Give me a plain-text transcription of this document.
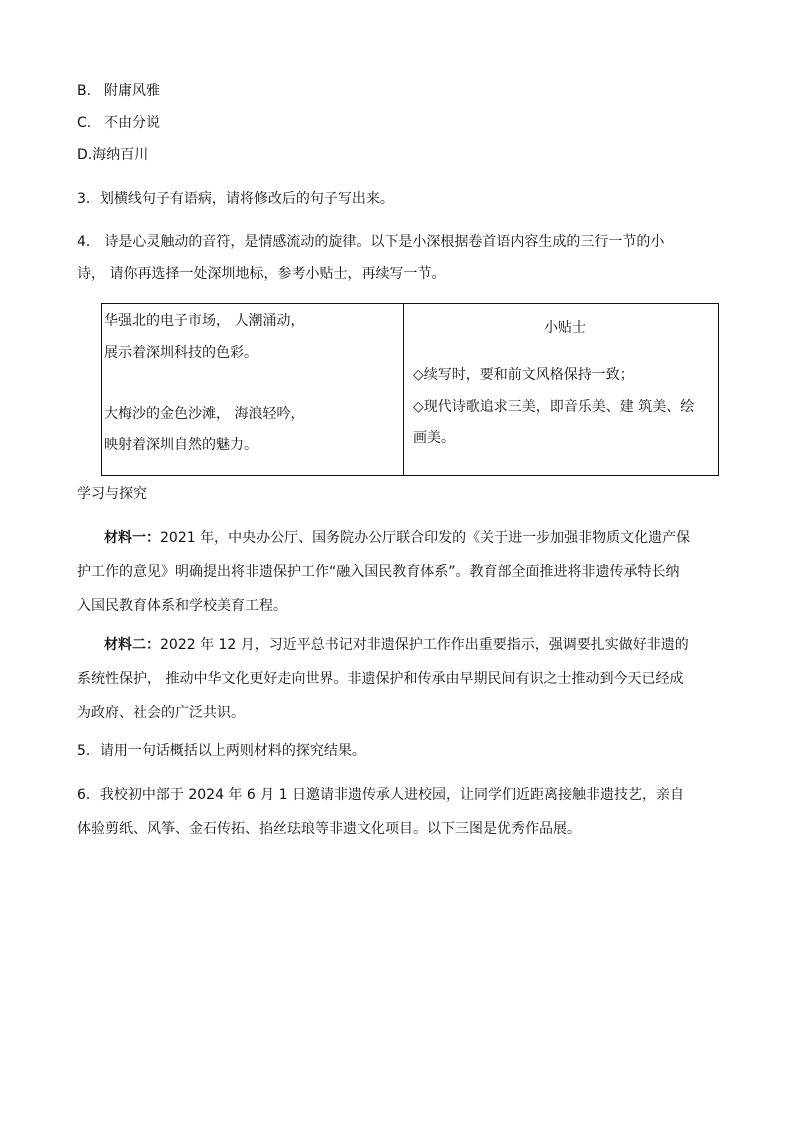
B. 附庸风雅
C. 不由分说
D.海纳百川
3．划横线句子有语病，请将修改后的句子写出来。
4． 诗是心灵触动的音符，是情感流动的旋律。以下是小深根据卷首语内容生成的三行一节的小
诗， 请你再选择一处深圳地标，参考小贴士，再续写一节。

华强北的电子市场， 人潮涌动，
展示着深圳科技的色彩。
大梅沙的金色沙滩， 海浪轻吟，
映射着深圳自然的魅力。
小贴士
◇续写时，要和前文风格保持一致；
◇现代诗歌追求三美，即音乐美、建 筑美、绘
画美。
学习与探究
材料一：2021 年，中央办公厅、国务院办公厅联合印发的《关于进一步加强非物质文化遗产保
护工作的意见》明确提出将非遗保护工作“融入国民教育体系”。教育部全面推进将非遗传承特长纳
入国民教育体系和学校美育工程。
材料二：2022 年 12 月，习近平总书记对非遗保护工作作出重要指示，强调要扎实做好非遗的
系统性保护， 推动中华文化更好走向世界。非遗保护和传承由早期民间有识之士推动到今天已经成
为政府、社会的广泛共识。
5．请用一句话概括以上两则材料的探究结果。
6．我校初中部于 2024 年 6 月 1 日邀请非遗传承人进校园，让同学们近距离接触非遗技艺，亲自
体验剪纸、风筝、金石传拓、掐丝珐琅等非遗文化项目。以下三图是优秀作品展。
